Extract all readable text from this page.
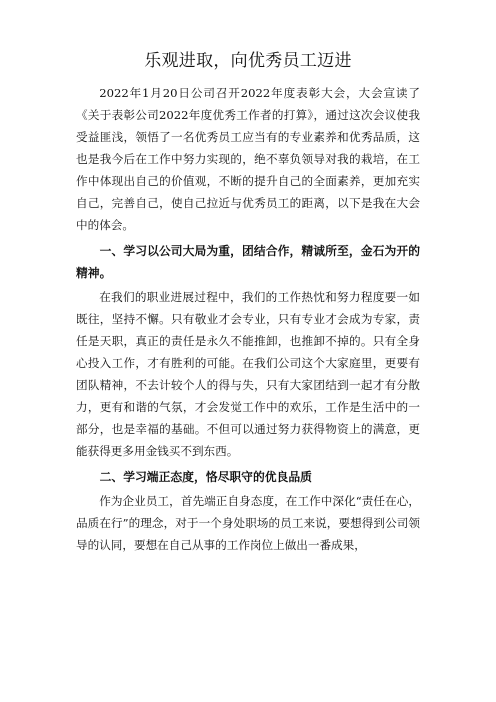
乐观进取，向优秀员工迈进

2022年1月20日公司召开2022年度表彰大会，大会宣读了《关于表彰公司2022年度优秀工作者的打算》，通过这次会议使我受益匪浅，领悟了一名优秀员工应当有的专业素养和优秀品质，这也是我今后在工作中努力实现的，绝不辜负领导对我的栽培，在工作中体现出自己的价值观，不断的提升自己的全面素养，更加充实自己，完善自己，使自己拉近与优秀员工的距离，以下是我在大会中的体会。

一、学习以公司大局为重，团结合作，精诚所至，金石为开的精神。

在我们的职业进展过程中，我们的工作热忱和努力程度要一如既往，坚持不懈。只有敬业才会专业，只有专业才会成为专家，责任是天职，真正的责任是永久不能推卸，也推卸不掉的。只有全身心投入工作，才有胜利的可能。在我们公司这个大家庭里，更要有团队精神，不去计较个人的得与失，只有大家团结到一起才有分散力，更有和谐的气氛，才会发觉工作中的欢乐，工作是生活中的一部分，也是幸福的基础。不但可以通过努力获得物资上的满意，更能获得更多用金钱买不到东西。

二、学习端正态度，恪尽职守的优良品质

作为企业员工，首先端正自身态度，在工作中深化“责任在心，品质在行”的理念，对于一个身处职场的员工来说，要想得到公司领导的认同，要想在自己从事的工作岗位上做出一番成果，
